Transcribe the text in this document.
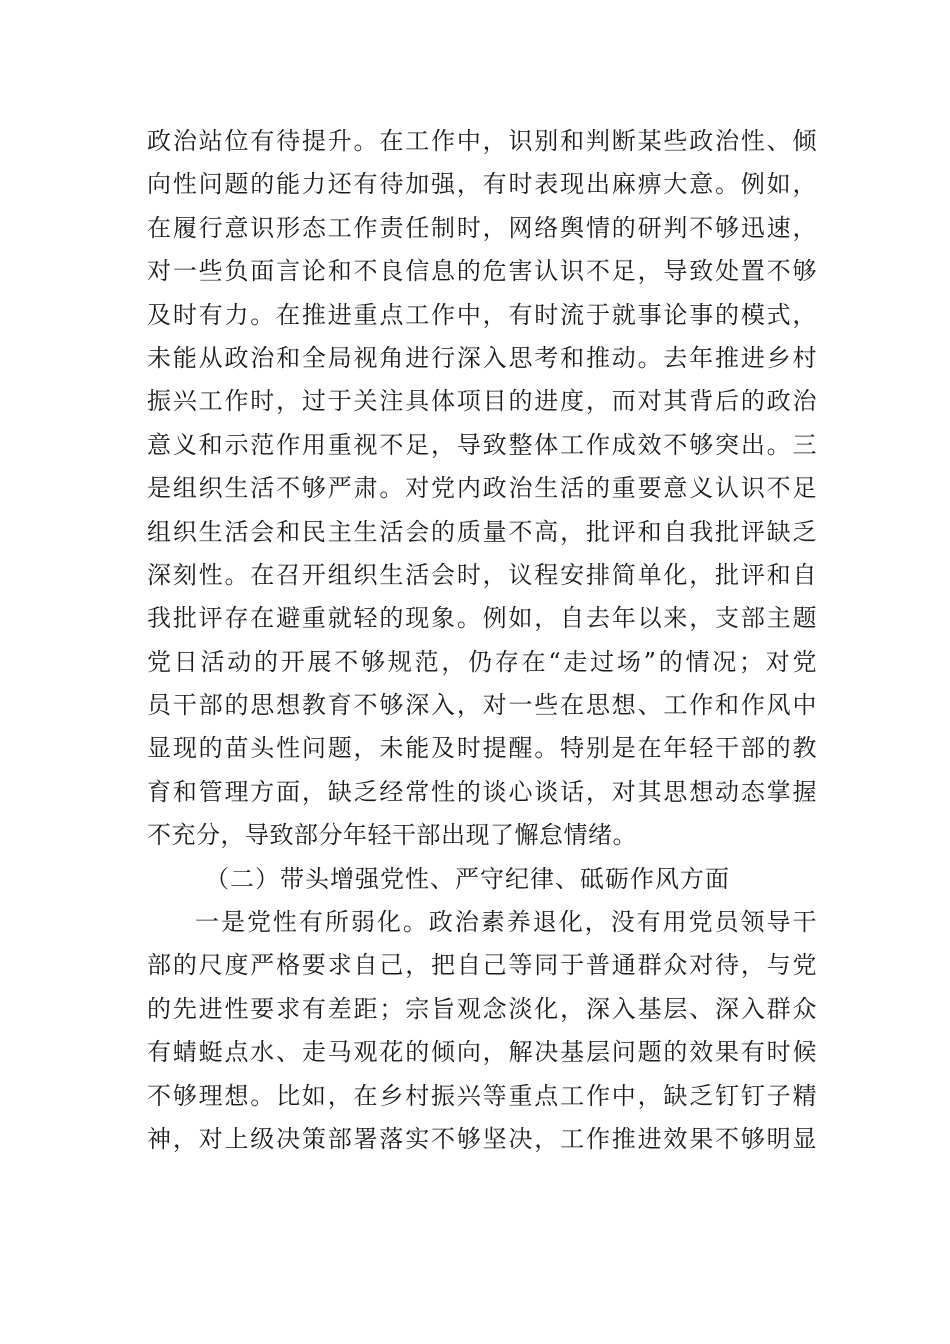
政治站位有待提升。在工作中，识别和判断某些政治性、倾
向性问题的能力还有待加强，有时表现出麻痹大意。例如，
在履行意识形态工作责任制时，网络舆情的研判不够迅速，
对一些负面言论和不良信息的危害认识不足，导致处置不够
及时有力。在推进重点工作中，有时流于就事论事的模式，
未能从政治和全局视角进行深入思考和推动。去年推进乡村
振兴工作时，过于关注具体项目的进度，而对其背后的政治
意义和示范作用重视不足，导致整体工作成效不够突出。三
是组织生活不够严肃。对党内政治生活的重要意义认识不足
组织生活会和民主生活会的质量不高，批评和自我批评缺乏
深刻性。在召开组织生活会时，议程安排简单化，批评和自
我批评存在避重就轻的现象。例如，自去年以来，支部主题
党日活动的开展不够规范，仍存在“走过场”的情况；对党
员干部的思想教育不够深入，对一些在思想、工作和作风中
显现的苗头性问题，未能及时提醒。特别是在年轻干部的教
育和管理方面，缺乏经常性的谈心谈话，对其思想动态掌握
不充分，导致部分年轻干部出现了懈怠情绪。
（二）带头增强党性、严守纪律、砥砺作风方面
一是党性有所弱化。政治素养退化，没有用党员领导干
部的尺度严格要求自己，把自己等同于普通群众对待，与党
的先进性要求有差距；宗旨观念淡化，深入基层、深入群众
有蜻蜓点水、走马观花的倾向，解决基层问题的效果有时候
不够理想。比如，在乡村振兴等重点工作中，缺乏钉钉子精
神，对上级决策部署落实不够坚决，工作推进效果不够明显
